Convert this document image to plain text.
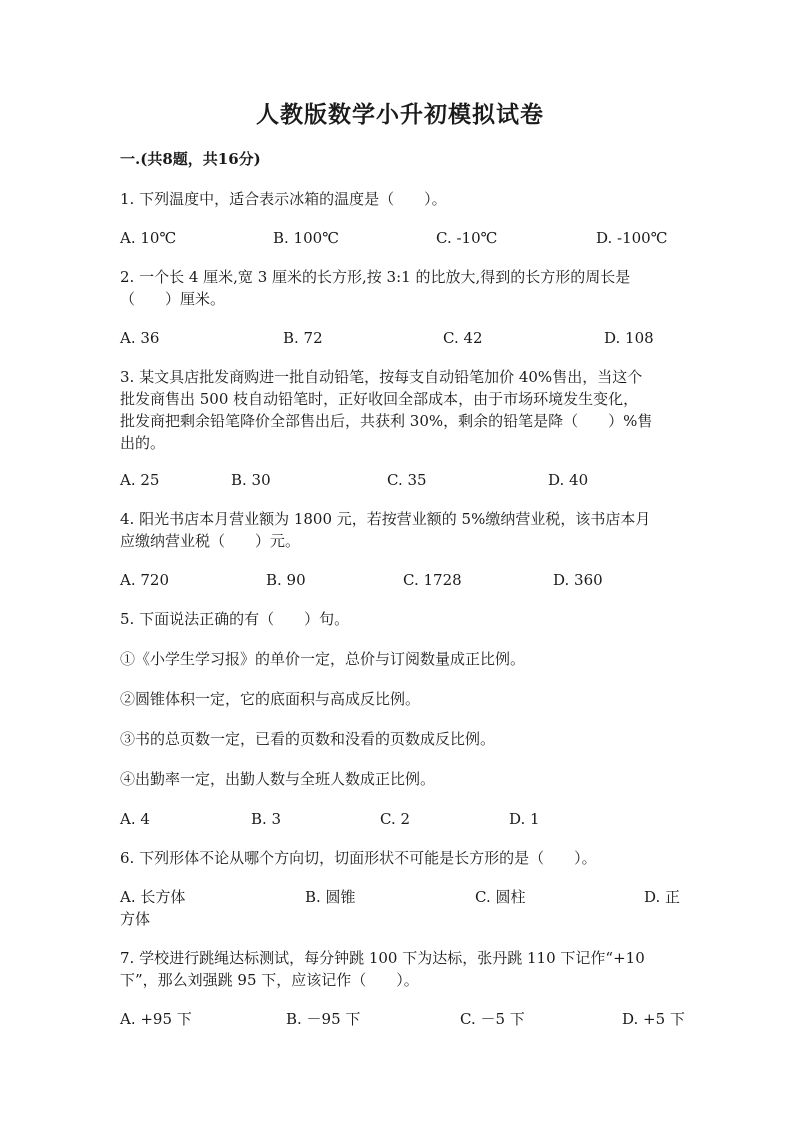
人教版数学小升初模拟试卷
一.(共8题，共16分)
1. 下列温度中，适合表示冰箱的温度是（　　）。
A. 10℃	B. 100℃	C. -10℃	D. -100℃
2. 一个长 4 厘米,宽 3 厘米的长方形,按 3:1 的比放大,得到的长方形的周长是
（　　）厘米。
A. 36	B. 72	C. 42	D. 108
3. 某文具店批发商购进一批自动铅笔，按每支自动铅笔加价 40%售出，当这个
批发商售出 500 枝自动铅笔时，正好收回全部成本，由于市场环境发生变化，
批发商把剩余铅笔降价全部售出后，共获利 30%，剩余的铅笔是降（　　）%售
出的。
A. 25	B. 30	C. 35	D. 40
4. 阳光书店本月营业额为 1800 元，若按营业额的 5%缴纳营业税，该书店本月
应缴纳营业税（　　）元。
A. 720	B. 90	C. 1728	D. 360
5. 下面说法正确的有（　　）句。
①《小学生学习报》的单价一定，总价与订阅数量成正比例。
②圆锥体积一定，它的底面积与高成反比例。
③书的总页数一定，已看的页数和没看的页数成反比例。
④出勤率一定，出勤人数与全班人数成正比例。
A. 4	B. 3	C. 2	D. 1
6. 下列形体不论从哪个方向切，切面形状不可能是长方形的是（　　）。
A. 长方体	B. 圆锥	C. 圆柱	D. 正
方体
7. 学校进行跳绳达标测试，每分钟跳 100 下为达标，张丹跳 110 下记作“+10
下”，那么刘强跳 95 下，应该记作（　　）。
A. +95 下	B. －95 下	C. －5 下	D. +5 下
